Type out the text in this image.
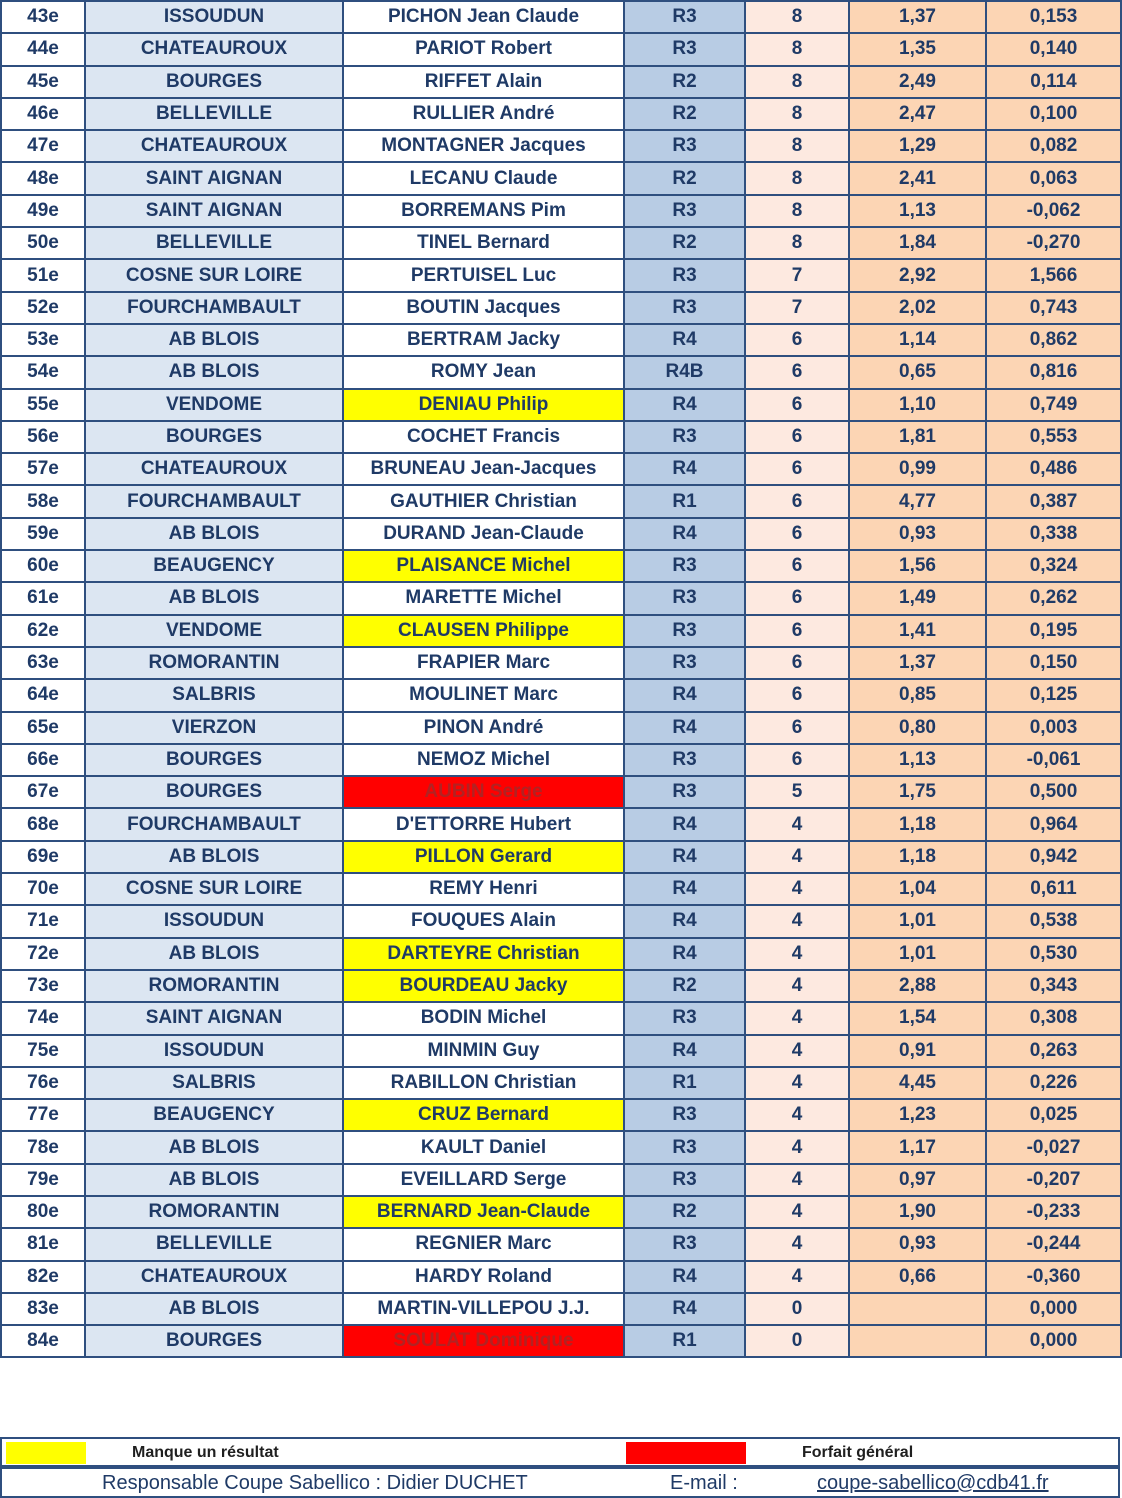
43e	ISSOUDUN	PICHON Jean Claude	R3	8	1,37	0,153
44e	CHATEAUROUX	PARIOT Robert	R3	8	1,35	0,140
45e	BOURGES	RIFFET Alain	R2	8	2,49	0,114
46e	BELLEVILLE	RULLIER André	R2	8	2,47	0,100
47e	CHATEAUROUX	MONTAGNER Jacques	R3	8	1,29	0,082
48e	SAINT AIGNAN	LECANU Claude	R2	8	2,41	0,063
49e	SAINT AIGNAN	BORREMANS Pim	R3	8	1,13	-0,062
50e	BELLEVILLE	TINEL Bernard	R2	8	1,84	-0,270
51e	COSNE SUR LOIRE	PERTUISEL Luc	R3	7	2,92	1,566
52e	FOURCHAMBAULT	BOUTIN Jacques	R3	7	2,02	0,743
53e	AB BLOIS	BERTRAM Jacky	R4	6	1,14	0,862
54e	AB BLOIS	ROMY Jean	R4B	6	0,65	0,816
55e	VENDOME	DENIAU Philip	R4	6	1,10	0,749
56e	BOURGES	COCHET Francis	R3	6	1,81	0,553
57e	CHATEAUROUX	BRUNEAU Jean-Jacques	R4	6	0,99	0,486
58e	FOURCHAMBAULT	GAUTHIER Christian	R1	6	4,77	0,387
59e	AB BLOIS	DURAND Jean-Claude	R4	6	0,93	0,338
60e	BEAUGENCY	PLAISANCE Michel	R3	6	1,56	0,324
61e	AB BLOIS	MARETTE Michel	R3	6	1,49	0,262
62e	VENDOME	CLAUSEN Philippe	R3	6	1,41	0,195
63e	ROMORANTIN	FRAPIER Marc	R3	6	1,37	0,150
64e	SALBRIS	MOULINET Marc	R4	6	0,85	0,125
65e	VIERZON	PINON André	R4	6	0,80	0,003
66e	BOURGES	NEMOZ Michel	R3	6	1,13	-0,061
67e	BOURGES	AUBIN Serge	R3	5	1,75	0,500
68e	FOURCHAMBAULT	D'ETTORRE Hubert	R4	4	1,18	0,964
69e	AB BLOIS	PILLON Gerard	R4	4	1,18	0,942
70e	COSNE SUR LOIRE	REMY Henri	R4	4	1,04	0,611
71e	ISSOUDUN	FOUQUES Alain	R4	4	1,01	0,538
72e	AB BLOIS	DARTEYRE Christian	R4	4	1,01	0,530
73e	ROMORANTIN	BOURDEAU Jacky	R2	4	2,88	0,343
74e	SAINT AIGNAN	BODIN Michel	R3	4	1,54	0,308
75e	ISSOUDUN	MINMIN Guy	R4	4	0,91	0,263
76e	SALBRIS	RABILLON Christian	R1	4	4,45	0,226
77e	BEAUGENCY	CRUZ Bernard	R3	4	1,23	0,025
78e	AB BLOIS	KAULT Daniel	R3	4	1,17	-0,027
79e	AB BLOIS	EVEILLARD Serge	R3	4	0,97	-0,207
80e	ROMORANTIN	BERNARD Jean-Claude	R2	4	1,90	-0,233
81e	BELLEVILLE	REGNIER Marc	R3	4	0,93	-0,244
82e	CHATEAUROUX	HARDY Roland	R4	4	0,66	-0,360
83e	AB BLOIS	MARTIN-VILLEPOU J.J.	R4	0		0,000
84e	BOURGES	SOULAT Dominique	R1	0		0,000
Manque un résultat	Forfait général
Responsable Coupe Sabellico : Didier DUCHET	E-mail :	coupe-sabellico@cdb41.fr
